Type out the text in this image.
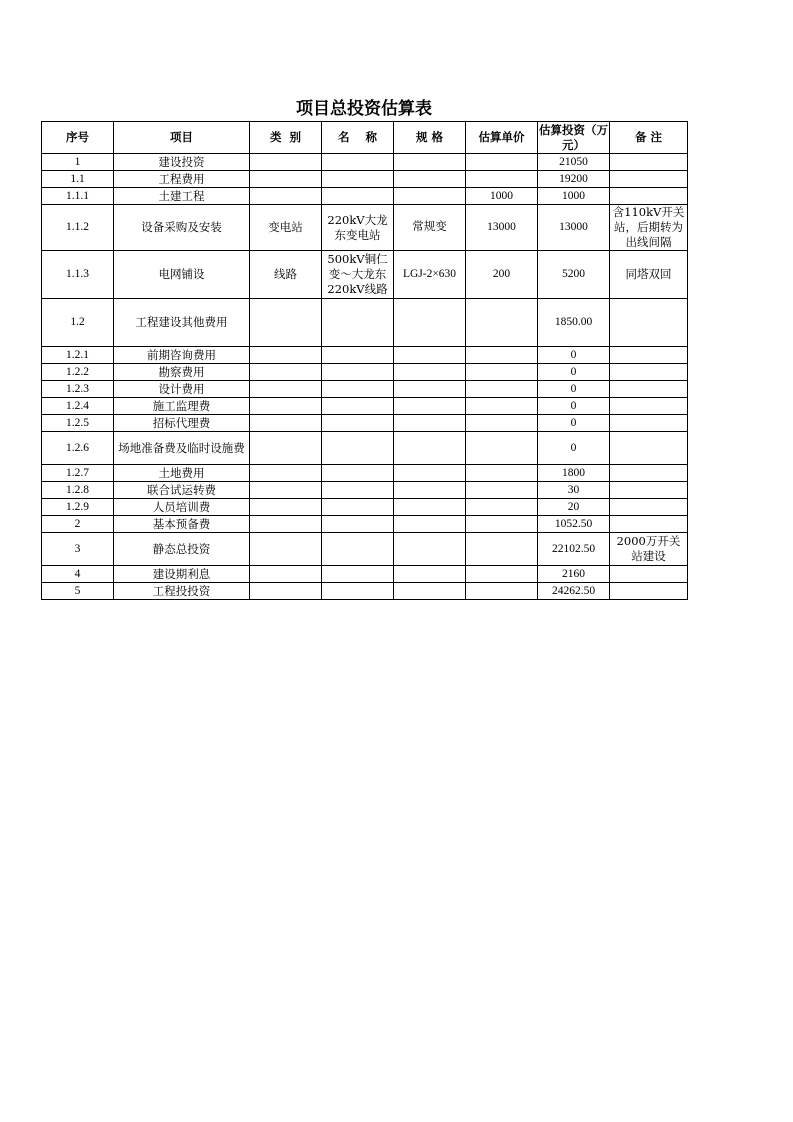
项目总投资估算表
序号	项目	类  别	名    称	规 格	估算单价	估算投资（万元）	备 注
1	建设投资					21050	
1.1	工程费用					19200	
1.1.1	土建工程				1000	1000	
1.1.2	设备采购及安装	变电站	220kV大龙东变电站	常规变	13000	13000	含110kV开关站，后期转为出线间隔
1.1.3	电网铺设	线路	500kV铜仁变～大龙东220kV线路	LGJ-2×630	200	5200	同塔双回
1.2	工程建设其他费用					1850.00	
1.2.1	前期咨询费用					0	
1.2.2	勘察费用					0	
1.2.3	设计费用					0	
1.2.4	施工监理费					0	
1.2.5	招标代理费					0	
1.2.6	场地准备费及临时设施费					0	
1.2.7	土地费用					1800	
1.2.8	联合试运转费					30	
1.2.9	人员培训费					20	
2	基本预备费					1052.50	
3	静态总投资					22102.50	2000万开关站建设
4	建设期利息					2160	
5	工程投投资					24262.50	
